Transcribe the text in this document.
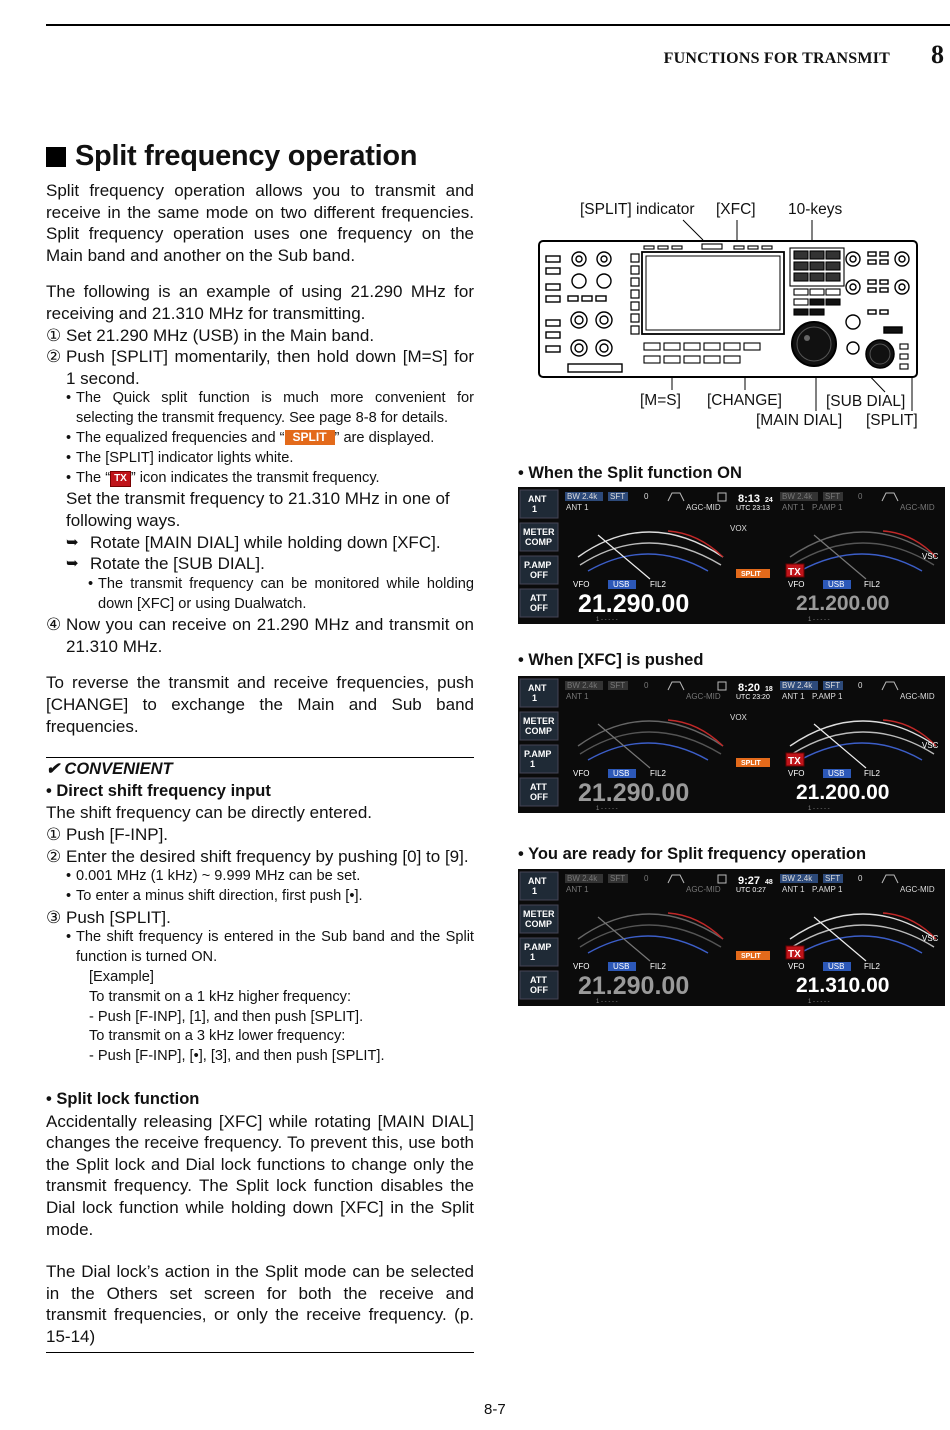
FUNCTIONS FOR TRANSMIT 8
Split frequency operation
Split frequency operation allows you to transmit and receive in the same mode on two different frequencies. Split frequency operation uses one frequency on the Main band and another on the Sub band.
The following is an example of using 21.290 MHz for receiving and 21.310 MHz for transmitting.
① Set 21.290 MHz (USB) in the Main band.
② Push [SPLIT] momentarily, then hold down [M=S] for 1 second.
• The Quick split function is much more convenient for selecting the transmit frequency. See page 8-8 for details.
• The equalized frequencies and “ SPLIT ” are displayed.
• The [SPLIT] indicator lights white.
• The “ TX ” icon indicates the transmit frequency.
Set the transmit frequency to 21.310 MHz in one of following ways.
➥ Rotate [MAIN DIAL] while holding down [XFC].
➥ Rotate the [SUB DIAL].
• The transmit frequency can be monitored while holding down [XFC] or using Dualwatch.
④ Now you can receive on 21.290 MHz and transmit on 21.310 MHz.
To reverse the transmit and receive frequencies, push [CHANGE] to exchange the Main and Sub band frequencies.
✔ CONVENIENT
• Direct shift frequency input
The shift frequency can be directly entered.
① Push [F-INP].
② Enter the desired shift frequency by pushing [0] to [9].
• 0.001 MHz (1 kHz) ~ 9.999 MHz can be set.
• To enter a minus shift direction, first push [•].
③ Push [SPLIT].
• The shift frequency is entered in the Sub band and the Split function is turned ON.
[Example]
To transmit on a 1 kHz higher frequency:
- Push [F-INP], [1], and then push [SPLIT].
To transmit on a 3 kHz lower frequency:
- Push [F-INP], [•], [3], and then push [SPLIT].
• Split lock function
Accidentally releasing [XFC] while rotating [MAIN DIAL] changes the receive frequency. To prevent this, use both the Split lock and Dial lock functions to change only the transmit frequency. The Split lock function disables the Dial lock function while holding down [XFC] in the Split mode.
The Dial lock’s action in the Split mode can be selected in the Others set screen for both the receive and transmit frequencies, or only the receive frequency. (p. 15-14)
8-7
[SPLIT] indicator [XFC] 10-keys
[M=S] [CHANGE]	[SUB DIAL]
[MAIN DIAL] [SPLIT]
• When the Split function ON
ANT
1
METER
COMP
P.AMP
OFF
ATT
OFF
BW 2.4k SFT 0
ANT 1	AGC-MID
8:13 24
UTC 23:13
BW 2.4k SFT 0
ANT 1 P.AMP 1	AGC-MID
VOX
VSC
SPLIT	TX
VFO	USB	FIL2	VFO	USB FIL2
21.290.00	21.200.00
1 - - - - -	1 - - - - -
• When [XFC] is pushed
ANT
1
METER
COMP
P.AMP
1
ATT
OFF
BW 2.4k SFT 0
ANT 1	AGC-MID
8:20 18
UTC 23:20
BW 2.4k SFT 0
ANT 1 P.AMP 1	AGC-MID
VOX
VSC
SPLIT	TX
VFO	USB	FIL2	VFO	USB FIL2
21.290.00	21.200.00
1 - - - - -	1 - - - - -
• You are ready for Split frequency operation
ANT
1
METER
COMP
P.AMP
1
ATT
OFF
BW 2.4k SFT 0
ANT 1	AGC-MID
9:27 48
UTC 0:27
BW 2.4k SFT 0
ANT 1 P.AMP 1	AGC-MID
VSC
SPLIT	TX
VFO	USB	FIL2	VFO	USB FIL2
21.290.00	21.310.00
1 - - - - -	1 - - - - -
